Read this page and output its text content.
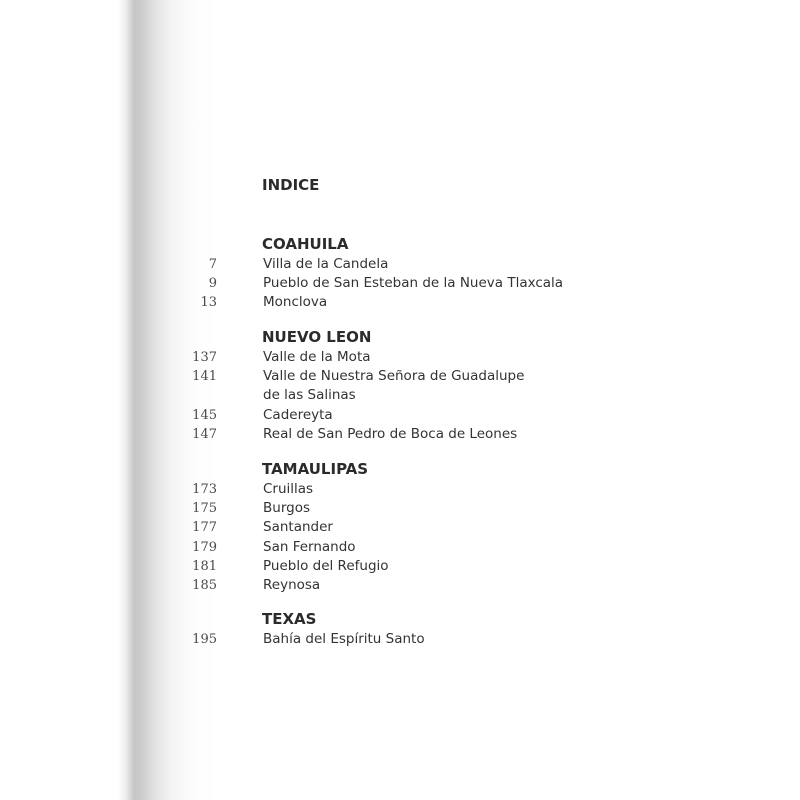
INDICE
COAHUILA
7	Villa de la Candela
9	Pueblo de San Esteban de la Nueva Tlaxcala
13	Monclova
NUEVO LEON
137	Valle de la Mota
141	Valle de Nuestra Señora de Guadalupe
de las Salinas
145	Cadereyta
147	Real de San Pedro de Boca de Leones
TAMAULIPAS
173	Cruillas
175	Burgos
177	Santander
179	San Fernando
181	Pueblo del Refugio
185	Reynosa
TEXAS
195	Bahía del Espíritu Santo
